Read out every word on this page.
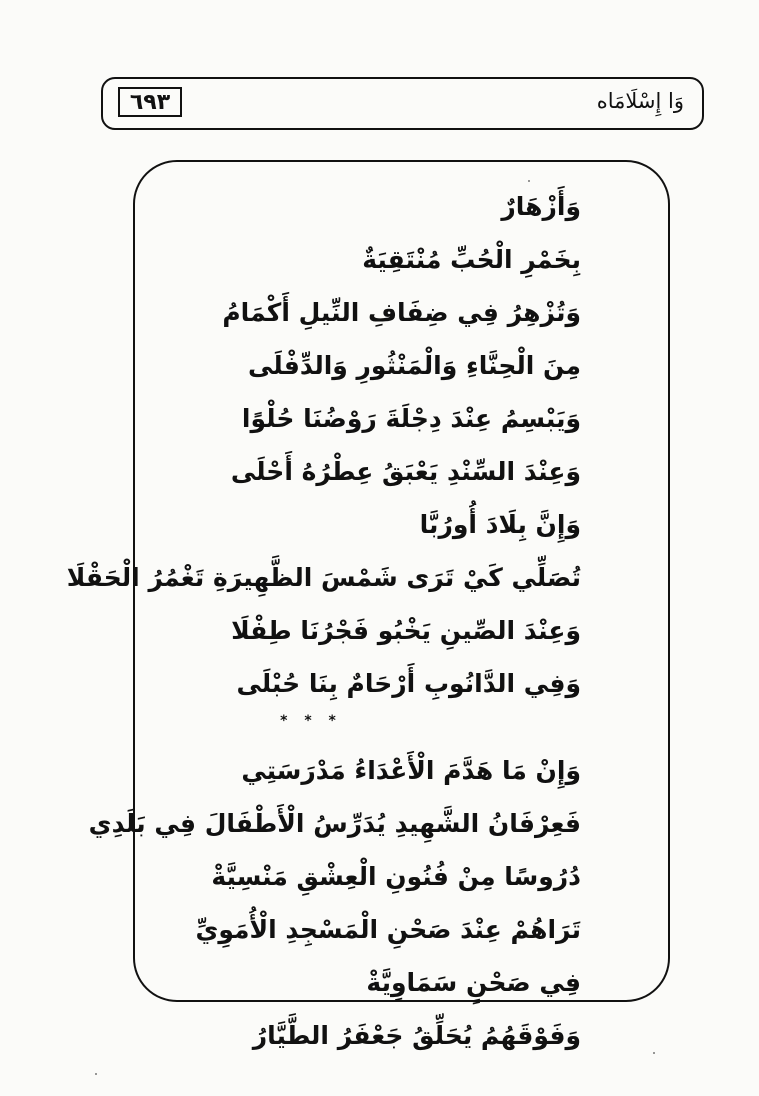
٦٩٣	وَا إِسْلَامَاه
وَأَزْهَارٌ
بِخَمْرِ الْحُبِّ مُنْتَقِيَةٌ
وَتُزْهِرُ فِي ضِفَافِ النِّيلِ أَكْمَامُ
مِنَ الْحِنَّاءِ وَالْمَنْثُورِ وَالدِّفْلَى
وَيَبْسِمُ عِنْدَ دِجْلَةَ رَوْضُنَا حُلْوًا
وَعِنْدَ السِّنْدِ يَعْبَقُ عِطْرُهُ أَحْلَى
وَإِنَّ بِلَادَ أُورُبَّا
تُصَلِّي كَيْ تَرَى شَمْسَ الظَّهِيرَةِ تَغْمُرُ الْحَقْلَا
وَعِنْدَ الصِّينِ يَخْبُو فَجْرُنَا طِفْلَا
وَفِي الدَّانُوبِ أَرْحَامٌ بِنَا حُبْلَى
* * *
وَإِنْ مَا هَدَّمَ الْأَعْدَاءُ مَدْرَسَتِي
فَعِرْفَانُ الشَّهِيدِ يُدَرِّسُ الْأَطْفَالَ فِي بَلَدِي
دُرُوسًا مِنْ فُنُونِ الْعِشْقِ مَنْسِيَّةْ
تَرَاهُمْ عِنْدَ صَحْنِ الْمَسْجِدِ الْأُمَوِيِّ
فِي صَحْنٍ سَمَاوِيَّةْ
وَفَوْقَهُمُ يُحَلِّقُ جَعْفَرُ الطَّيَّارُ
